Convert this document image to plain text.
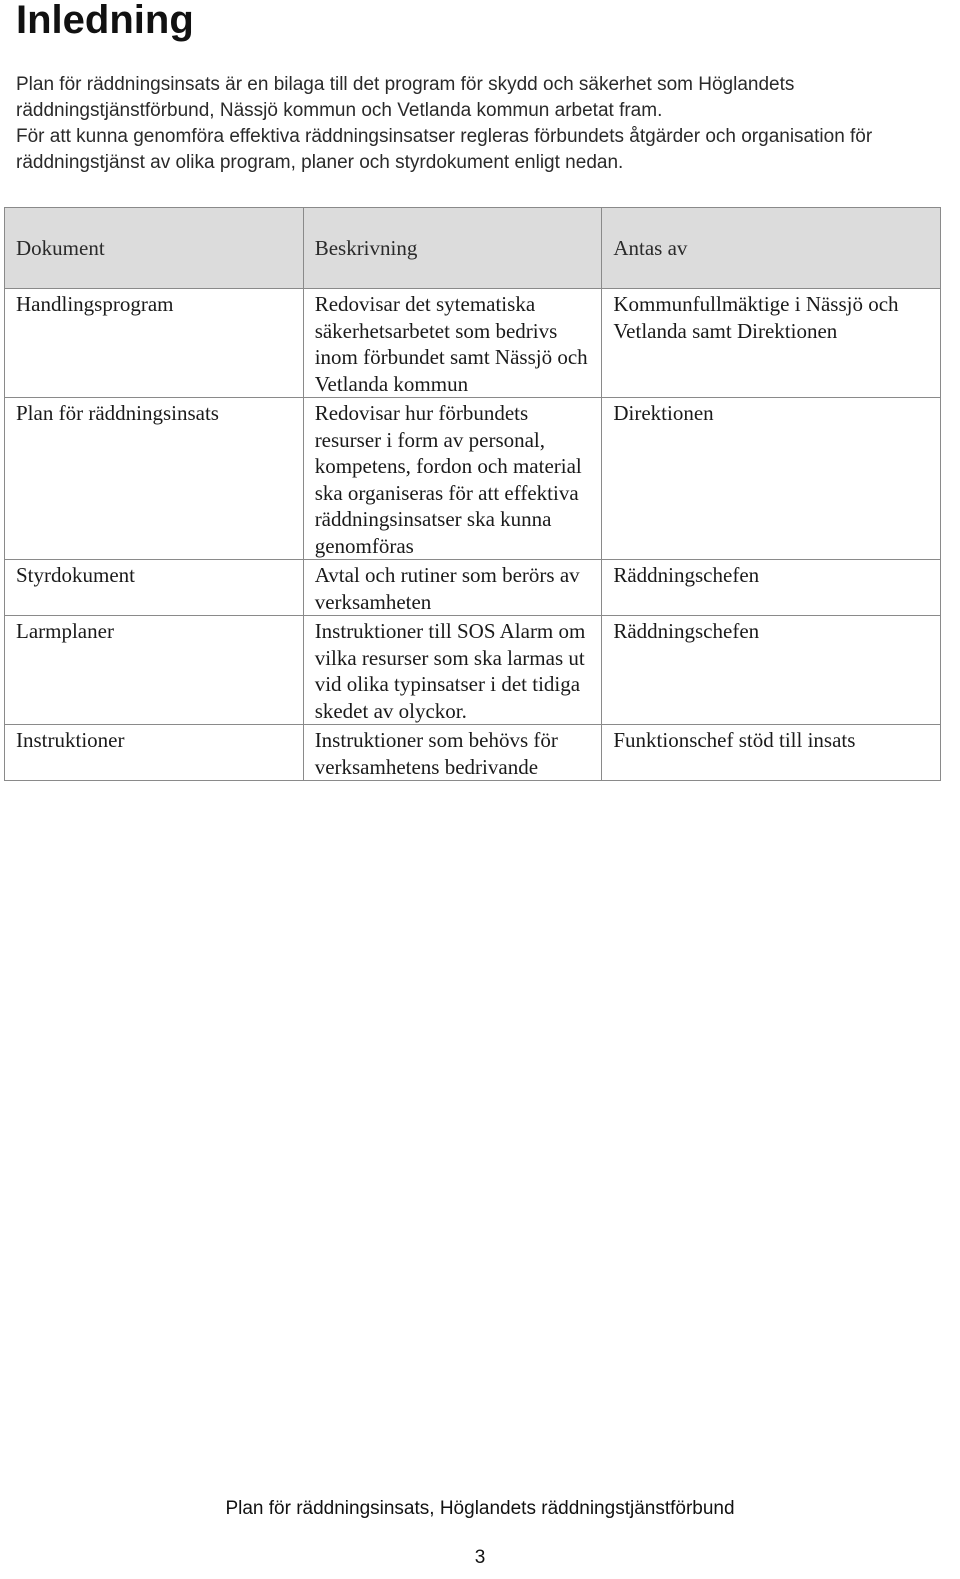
Inledning

Plan för räddningsinsats är en bilaga till det program för skydd och säkerhet som Höglandets
räddningstjänstförbund, Nässjö kommun och Vetlanda kommun arbetat fram.
För att kunna genomföra effektiva räddningsinsatser regleras förbundets åtgärder och organisation för
räddningstjänst av olika program, planer och styrdokument enligt nedan.

Dokument	Beskrivning	Antas av
Handlingsprogram	Redovisar det sytematiska säkerhetsarbetet som bedrivs inom förbundet samt Nässjö och Vetlanda kommun	Kommunfullmäktige i Nässjö och Vetlanda samt Direktionen
Plan för räddningsinsats	Redovisar hur förbundets resurser i form av personal, kompetens, fordon och material ska organiseras för att effektiva räddningsinsatser ska kunna genomföras	Direktionen
Styrdokument	Avtal och rutiner som berörs av verksamheten	Räddningschefen
Larmplaner	Instruktioner till SOS Alarm om vilka resurser som ska larmas ut vid olika typinsatser i det tidiga skedet av olyckor.	Räddningschefen
Instruktioner	Instruktioner som behövs för verksamhetens bedrivande	Funktionschef stöd till insats
Plan för räddningsinsats, Höglandets räddningstjänstförbund
3
